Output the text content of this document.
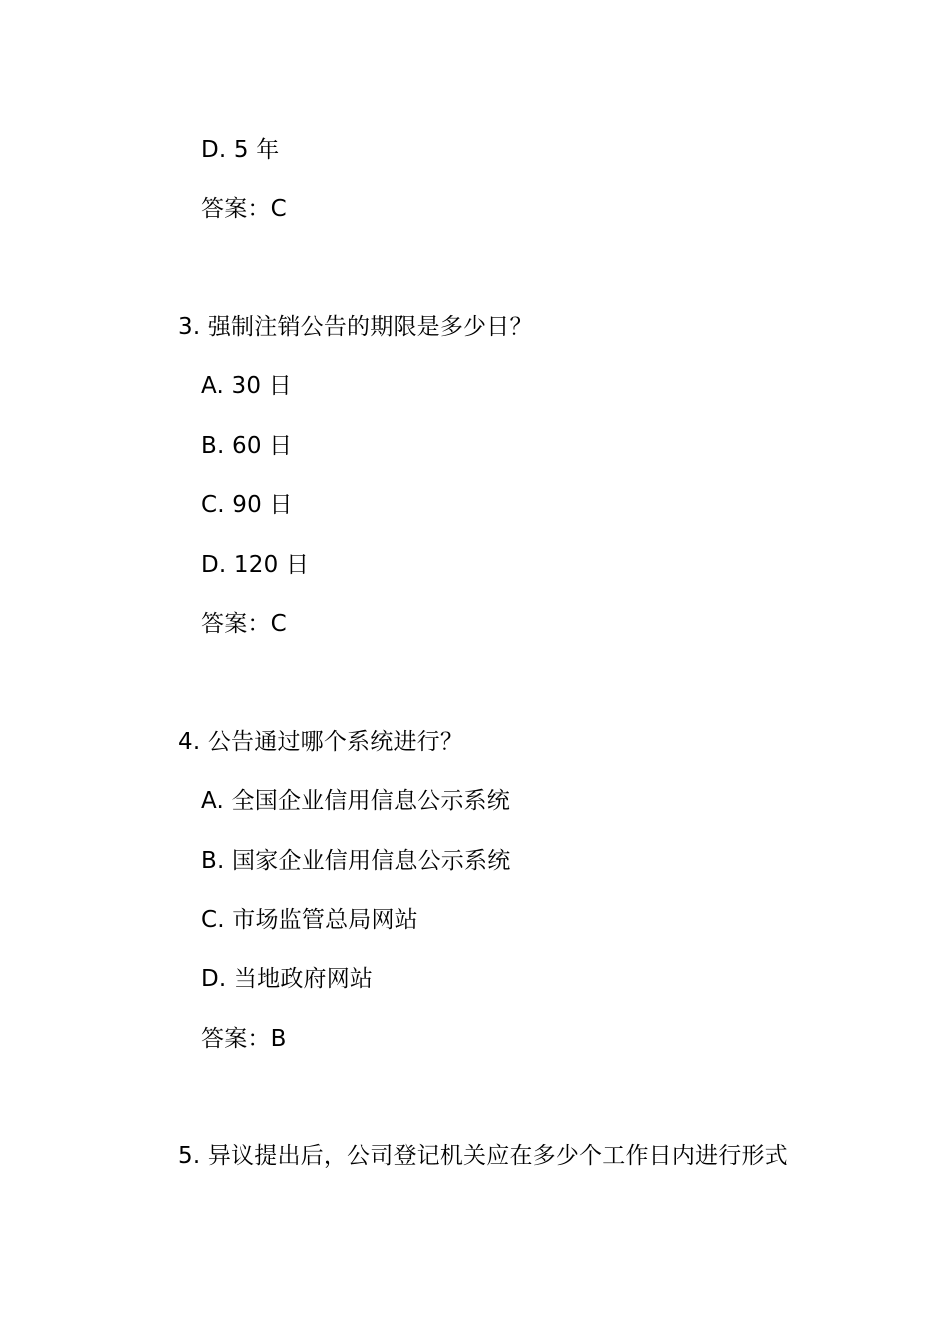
D. 5 年
答案：C
3. 强制注销公告的期限是多少日？
A. 30 日
B. 60 日
C. 90 日
D. 120 日
答案：C
4. 公告通过哪个系统进行？
A. 全国企业信用信息公示系统
B. 国家企业信用信息公示系统
C. 市场监管总局网站
D. 当地政府网站
答案：B
5. 异议提出后，公司登记机关应在多少个工作日内进行形式
